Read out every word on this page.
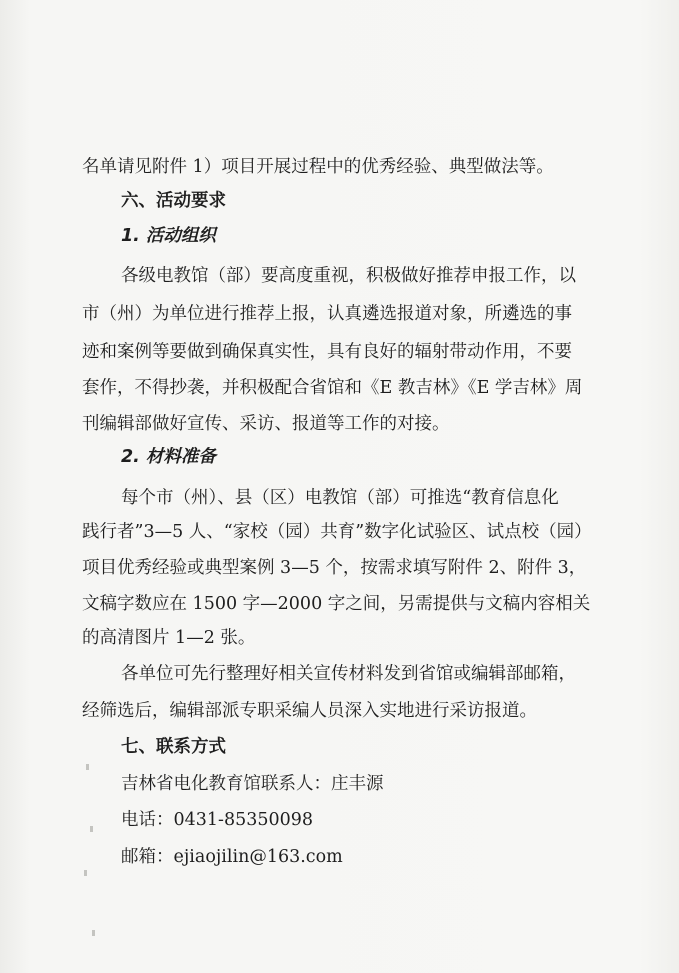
名单请见附件 1）项目开展过程中的优秀经验、典型做法等。
六、活动要求
1. 活动组织
各级电教馆（部）要高度重视，积极做好推荐申报工作，以
市（州）为单位进行推荐上报，认真遴选报道对象，所遴选的事
迹和案例等要做到确保真实性，具有良好的辐射带动作用，不要
套作，不得抄袭，并积极配合省馆和《E 教吉林》《E 学吉林》周
刊编辑部做好宣传、采访、报道等工作的对接。
2. 材料准备
每个市（州）、县（区）电教馆（部）可推选“教育信息化
践行者”3—5 人、“家校（园）共育”数字化试验区、试点校（园）
项目优秀经验或典型案例 3—5 个，按需求填写附件 2、附件 3，
文稿字数应在 1500 字—2000 字之间，另需提供与文稿内容相关
的高清图片 1—2 张。
各单位可先行整理好相关宣传材料发到省馆或编辑部邮箱，
经筛选后，编辑部派专职采编人员深入实地进行采访报道。
七、联系方式
吉林省电化教育馆联系人：庄丰源
电话：0431-85350098
邮箱：ejiaojilin@163.com
